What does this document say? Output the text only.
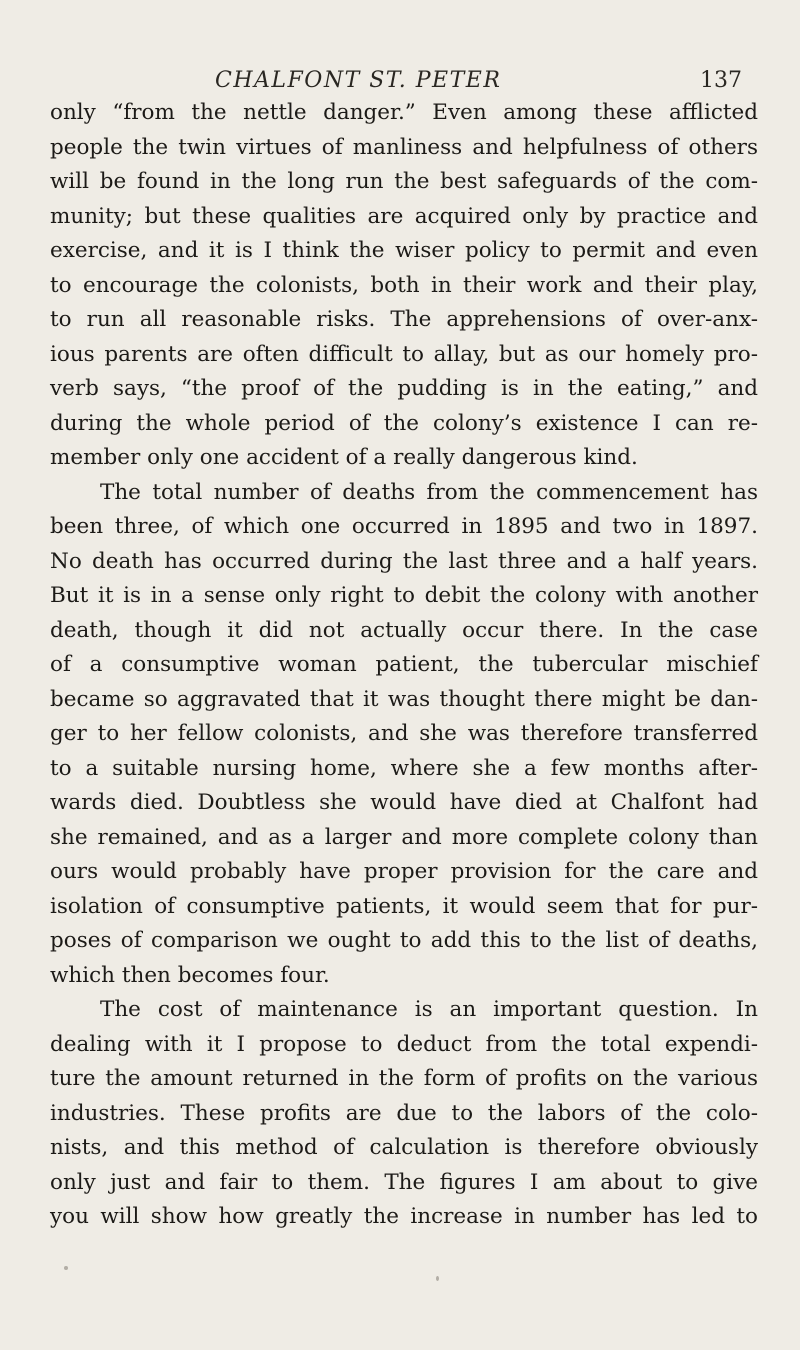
CHALFONT ST. PETER	137
only “from the nettle danger.” Even among these afflicted
people the twin virtues of manliness and helpfulness of others
will be found in the long run the best safeguards of the com-
munity; but these qualities are acquired only by practice and
exercise, and it is I think the wiser policy to permit and even
to encourage the colonists, both in their work and their play,
to run all reasonable risks. The apprehensions of over-anx-
ious parents are often difficult to allay, but as our homely pro-
verb says, “the proof of the pudding is in the eating,” and
during the whole period of the colony’s existence I can re-
member only one accident of a really dangerous kind.
The total number of deaths from the commencement has
been three, of which one occurred in 1895 and two in 1897.
No death has occurred during the last three and a half years.
But it is in a sense only right to debit the colony with another
death, though it did not actually occur there. In the case
of a consumptive woman patient, the tubercular mischief
became so aggravated that it was thought there might be dan-
ger to her fellow colonists, and she was therefore transferred
to a suitable nursing home, where she a few months after-
wards died. Doubtless she would have died at Chalfont had
she remained, and as a larger and more complete colony than
ours would probably have proper provision for the care and
isolation of consumptive patients, it would seem that for pur-
poses of comparison we ought to add this to the list of deaths,
which then becomes four.
The cost of maintenance is an important question. In
dealing with it I propose to deduct from the total expendi-
ture the amount returned in the form of profits on the various
industries. These profits are due to the labors of the colo-
nists, and this method of calculation is therefore obviously
only just and fair to them. The figures I am about to give
you will show how greatly the increase in number has led to
